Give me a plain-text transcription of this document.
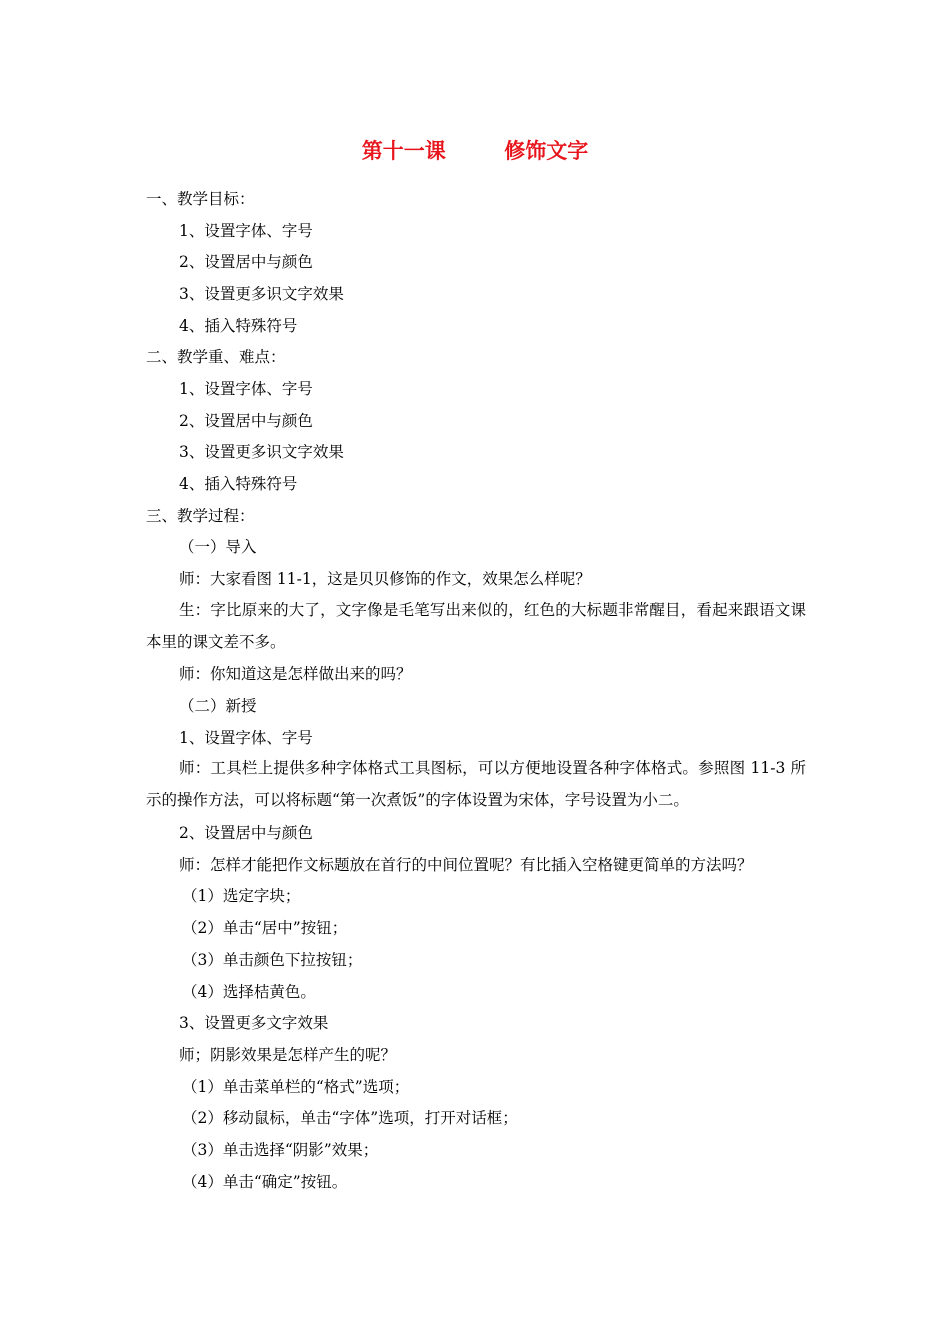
第十一课        修饰文字
一、教学目标：
1、设置字体、字号
2、设置居中与颜色
3、设置更多识文字效果
4、插入特殊符号
二、教学重、难点：
1、设置字体、字号
2、设置居中与颜色
3、设置更多识文字效果
4、插入特殊符号
三、教学过程：
（一）导入
师：大家看图 11-1，这是贝贝修饰的作文，效果怎么样呢？
生：字比原来的大了，文字像是毛笔写出来似的，红色的大标题非常醒目，看起来跟语文课本里的课文差不多。
师：你知道这是怎样做出来的吗？
（二）新授
1、设置字体、字号
师：工具栏上提供多种字体格式工具图标，可以方便地设置各种字体格式。参照图 11-3 所示的操作方法，可以将标题“第一次煮饭”的字体设置为宋体，字号设置为小二。
2、设置居中与颜色
师：怎样才能把作文标题放在首行的中间位置呢？有比插入空格键更简单的方法吗？
（1）选定字块；
（2）单击“居中”按钮；
（3）单击颜色下拉按钮；
（4）选择桔黄色。
3、设置更多文字效果
师；阴影效果是怎样产生的呢？
（1）单击菜单栏的“格式”选项；
（2）移动鼠标，单击“字体”选项，打开对话框；
（3）单击选择“阴影”效果；
（4）单击“确定”按钮。
